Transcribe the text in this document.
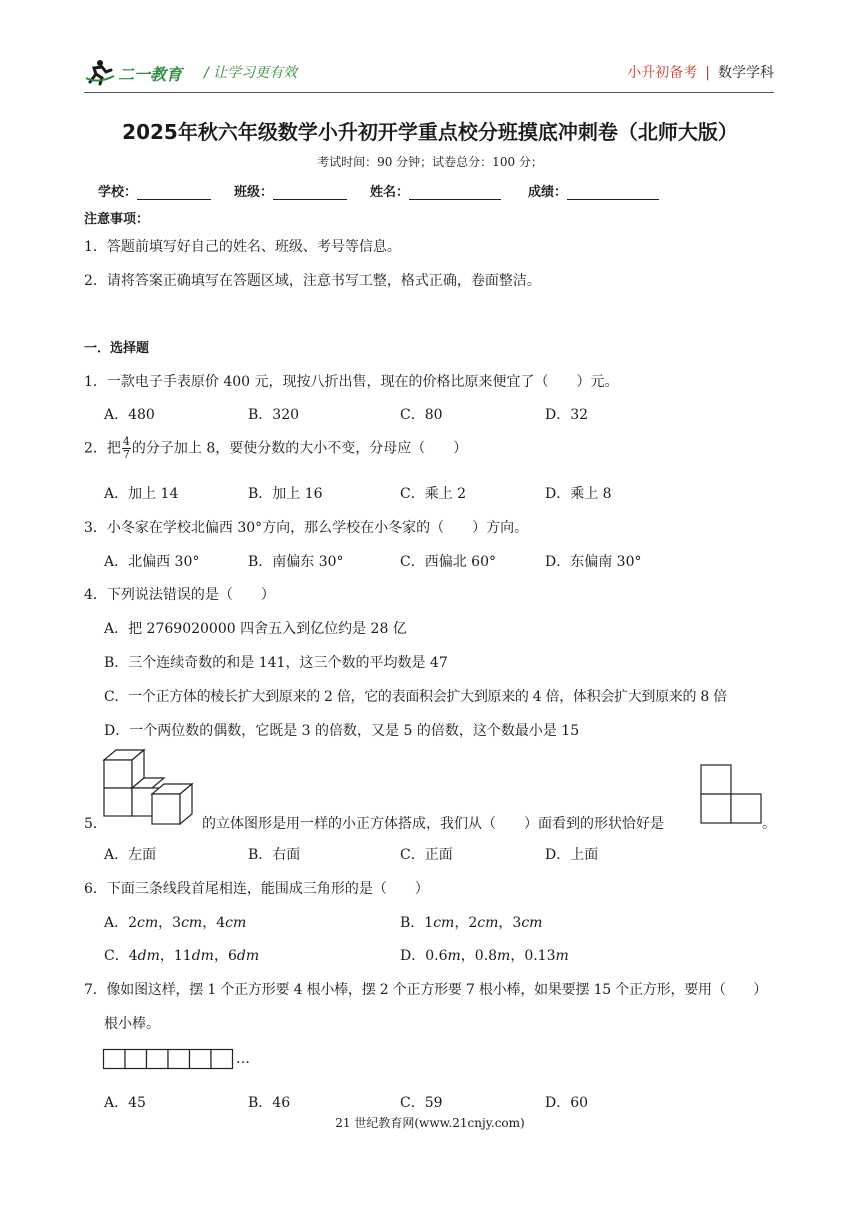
二一教育 / 让学习更有效	小升初备考 | 数学学科
2025年秋六年级数学小升初开学重点校分班摸底冲刺卷（北师大版）
考试时间：90 分钟；试卷总分：100 分；
学校：	班级：	姓名：	成绩：
注意事项：
1．答题前填写好自己的姓名、班级、考号等信息。
2．请将答案正确填写在答题区域，注意书写工整，格式正确，卷面整洁。
一．选择题
1．一款电子手表原价 400 元，现按八折出售，现在的价格比原来便宜了（　　）元。
A．480	B．320	C．80	D．32
2．把 $\frac{4}{7}$ 的分子加上 8，要使分数的大小不变，分母应（　　）
A．加上 14	B．加上 16	C．乘上 2	D．乘上 8
3．小冬家在学校北偏西 30°方向，那么学校在小冬家的（　　）方向。
A．北偏西 30°	B．南偏东 30°	C．西偏北 60°	D．东偏南 30°
4．下列说法错误的是（　　）
A．把 2769020000 四舍五入到亿位约是 28 亿
B．三个连续奇数的和是 141，这三个数的平均数是 47
C．一个正方体的棱长扩大到原来的 2 倍，它的表面积会扩大到原来的 4 倍，体积会扩大到原来的 8 倍
D．一个两位数的偶数，它既是 3 的倍数，又是 5 的倍数，这个数最小是 15
5．	的立体图形是用一样的小正方体搭成，我们从（　　）面看到的形状恰好是	。
A．左面	B．右面	C．正面	D．上面
6．下面三条线段首尾相连，能围成三角形的是（　　）
A．2cm，3cm，4cm	B．1cm，2cm，3cm
C．4dm，11dm，6dm	D．0.6m，0.8m，0.13m
7．像如图这样，摆 1 个正方形要 4 根小棒，摆 2 个正方形要 7 根小棒，如果要摆 15 个正方形，要用（　　）
根小棒。
…
A．45	B．46	C．59	D．60
21 世纪教育网(www.21cnjy.com)
